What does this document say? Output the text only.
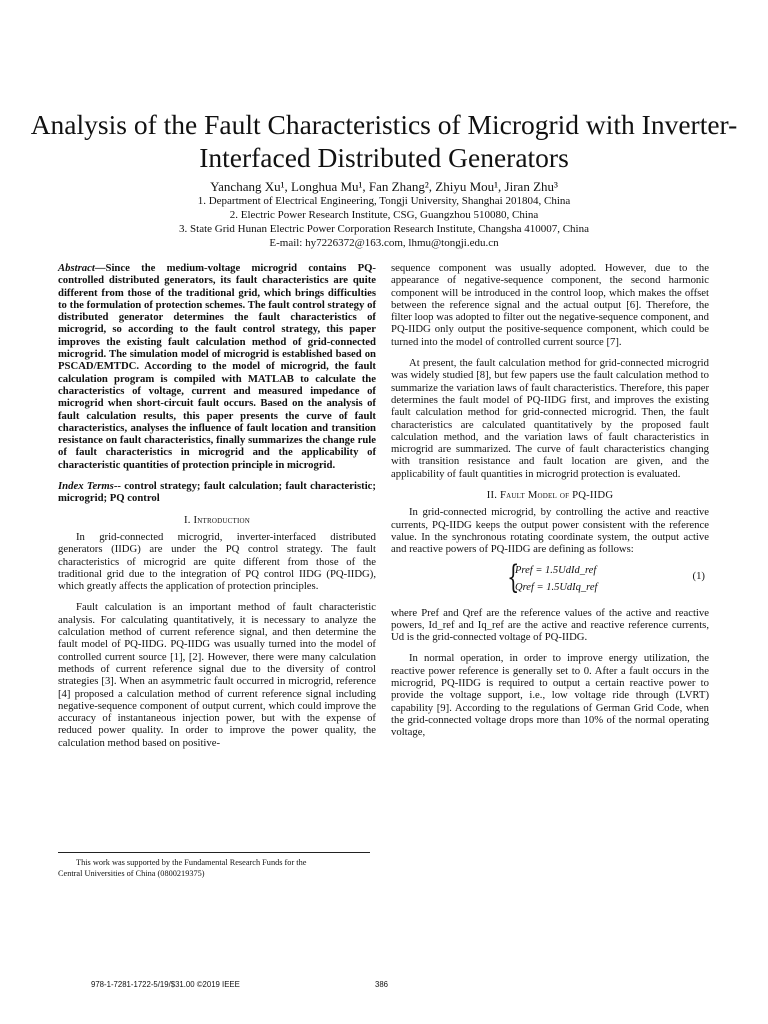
Analysis of the Fault Characteristics of Microgrid with Inverter-Interfaced Distributed Generators
Yanchang Xu¹, Longhua Mu¹, Fan Zhang², Zhiyu Mou¹, Jiran Zhu³
1. Department of Electrical Engineering, Tongji University, Shanghai 201804, China
2. Electric Power Research Institute, CSG, Guangzhou 510080, China
3. State Grid Hunan Electric Power Corporation Research Institute, Changsha 410007, China
E-mail: hy7226372@163.com, lhmu@tongji.edu.cn

Abstract—Since the medium-voltage microgrid contains PQ-controlled distributed generators, its fault characteristics are quite different from those of the traditional grid, which brings difficulties to the formulation of protection schemes. The fault control strategy of distributed generator determines the fault characteristics of microgrid, so according to the fault control strategy, this paper improves the existing fault calculation method of grid-connected microgrid. The simulation model of microgrid is established based on PSCAD/EMTDC. According to the model of microgrid, the fault calculation program is compiled with MATLAB to calculate the characteristics of voltage, current and measured impedance of microgrid when short-circuit fault occurs. Based on the analysis of fault calculation results, this paper presents the curve of fault characteristics, analyses the influence of fault location and transition resistance on fault characteristics, finally summarizes the change rule of fault characteristics in microgrid and the applicability of characteristic quantities of protection principle in microgrid.

Index Terms-- control strategy; fault calculation; fault characteristic; microgrid; PQ control

I. Introduction

In grid-connected microgrid, inverter-interfaced distributed generators (IIDG) are under the PQ control strategy. The fault characteristics of microgrid are quite different from those of the traditional grid due to the integration of PQ control IIDG (PQ-IIDG), which greatly affects the application of protection principles.

Fault calculation is an important method of fault characteristic analysis. For calculating quantitatively, it is necessary to analyze the calculation method of current reference signal, and then determine the fault model of PQ-IIDG. PQ-IIDG was usually turned into the model of controlled current source [1], [2]. However, there were many calculation methods of current reference signal due to the diversity of control strategies [3]. When an asymmetric fault occurred in microgrid, reference [4] proposed a calculation method of current reference signal including negative-sequence component of output current, which could improve the accuracy of instantaneous injection power, but with the expense of reduced power quality. In order to improve the power quality, the calculation method based on positive-

sequence component was usually adopted. However, due to the appearance of negative-sequence component, the second harmonic component will be introduced in the control loop, which makes the offset between the reference signal and the actual output [6]. Therefore, the filter loop was adopted to filter out the negative-sequence component, and PQ-IIDG only output the positive-sequence component, which could be turned into the model of controlled current source [7].

At present, the fault calculation method for grid-connected microgrid was widely studied [8], but few papers use the fault calculation method to summarize the variation laws of fault characteristics. Therefore, this paper determines the fault model of PQ-IIDG first, and improves the existing fault calculation method for grid-connected microgrid. Then, the fault characteristics are calculated quantitatively by the proposed fault calculation method, and the variation laws of fault characteristics in microgrid are summarized. The curve of fault characteristics changing with transition resistance and fault location are given, and the applicability of fault quantities in microgrid protection is evaluated.

II. Fault Model of PQ-IIDG

In grid-connected microgrid, by controlling the active and reactive currents, PQ-IIDG keeps the output power consistent with the reference value. In the synchronous rotating coordinate system, the output active and reactive powers of PQ-IIDG are defining as follows:

{
Pref = 1.5UdId_ref
Qref = 1.5UdIq_ref
(1)

where Pref and Qref are the reference values of the active and reactive powers, Id_ref and Iq_ref are the active and reactive reference currents, Ud is the grid-connected voltage of PQ-IIDG.

In normal operation, in order to improve energy utilization, the reactive power reference is generally set to 0. After a fault occurs in the microgrid, PQ-IIDG is required to output a certain reactive power to provide the voltage support, i.e., low voltage ride through (LVRT) capability [9]. According to the regulations of German Grid Code, when the grid-connected voltage drops more than 10% of the normal operating voltage,

This work was supported by the Fundamental Research Funds for the
Central Universities of China (0800219375)
978-1-7281-1722-5/19/$31.00 ©2019 IEEE	386
